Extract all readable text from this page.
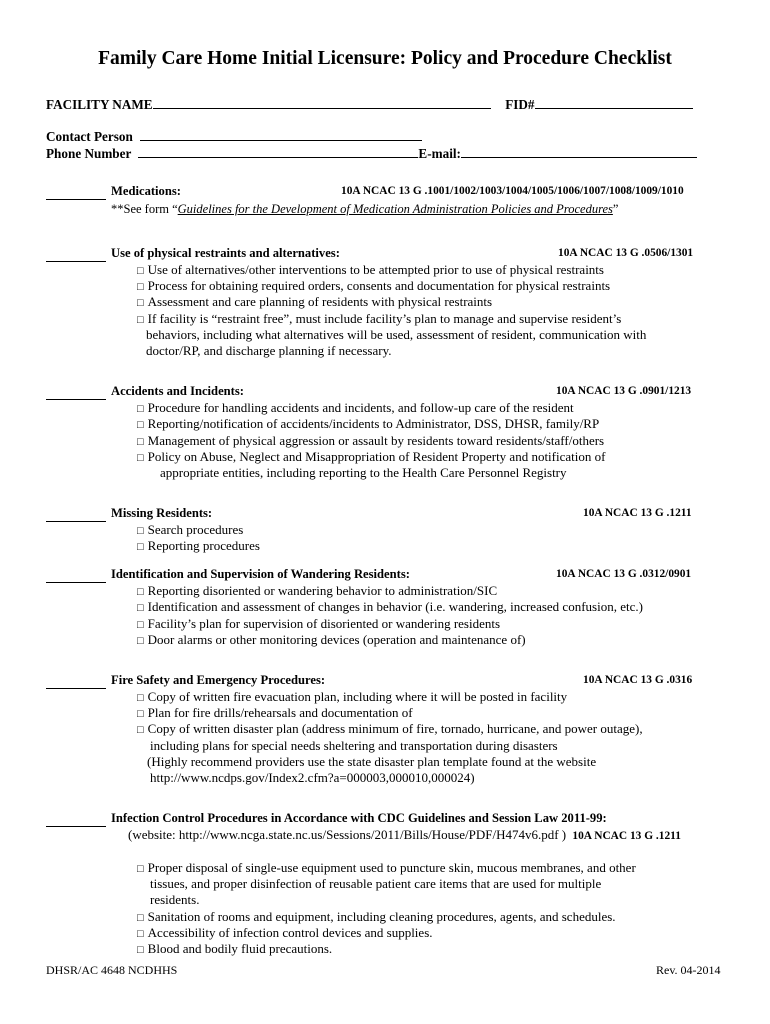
Family Care Home Initial Licensure: Policy and Procedure Checklist
FACILITY NAME	FID#
Contact Person
Phone Number	E-mail:
Medications:	10A NCAC 13 G .1001/1002/1003/1004/1005/1006/1007/1008/1009/1010
**See form “Guidelines for the Development of Medication Administration Policies and Procedures”
Use of physical restraints and alternatives:	10A NCAC 13 G .0506/1301
□ Use of alternatives/other interventions to be attempted prior to use of physical restraints
□ Process for obtaining required orders, consents and documentation for physical restraints
□ Assessment and care planning of residents with physical restraints
□ If facility is “restraint free”, must include facility’s plan to manage and supervise resident’s
behaviors, including what alternatives will be used, assessment of resident, communication with
doctor/RP, and discharge planning if necessary.
Accidents and Incidents:	10A NCAC 13 G .0901/1213
□ Procedure for handling accidents and incidents, and follow-up care of the resident
□ Reporting/notification of accidents/incidents to Administrator, DSS, DHSR, family/RP
□ Management of physical aggression or assault by residents toward residents/staff/others
□ Policy on Abuse, Neglect and Misappropriation of Resident Property and notification of
appropriate entities, including reporting to the Health Care Personnel Registry
Missing Residents:	10A NCAC 13 G .1211
□ Search procedures
□ Reporting procedures
Identification and Supervision of Wandering Residents:	10A NCAC 13 G .0312/0901
□ Reporting disoriented or wandering behavior to administration/SIC
□ Identification and assessment of changes in behavior (i.e. wandering, increased confusion, etc.)
□ Facility’s plan for supervision of disoriented or wandering residents
□ Door alarms or other monitoring devices (operation and maintenance of)
Fire Safety and Emergency Procedures:	10A NCAC 13 G .0316
□ Copy of written fire evacuation plan, including where it will be posted in facility
□ Plan for fire drills/rehearsals and documentation of
□ Copy of written disaster plan (address minimum of fire, tornado, hurricane, and power outage),
including plans for special needs sheltering and transportation during disasters
(Highly recommend providers use the state disaster plan template found at the website
http://www.ncdps.gov/Index2.cfm?a=000003,000010,000024)
Infection Control Procedures in Accordance with CDC Guidelines and Session Law 2011-99:
(website: http://www.ncga.state.nc.us/Sessions/2011/Bills/House/PDF/H474v6.pdf ) 10A NCAC 13 G .1211
□ Proper disposal of single-use equipment used to puncture skin, mucous membranes, and other
tissues, and proper disinfection of reusable patient care items that are used for multiple
residents.
□ Sanitation of rooms and equipment, including cleaning procedures, agents, and schedules.
□ Accessibility of infection control devices and supplies.
□ Blood and bodily fluid precautions.
DHSR/AC 4648 NCDHHS	Rev. 04-2014
